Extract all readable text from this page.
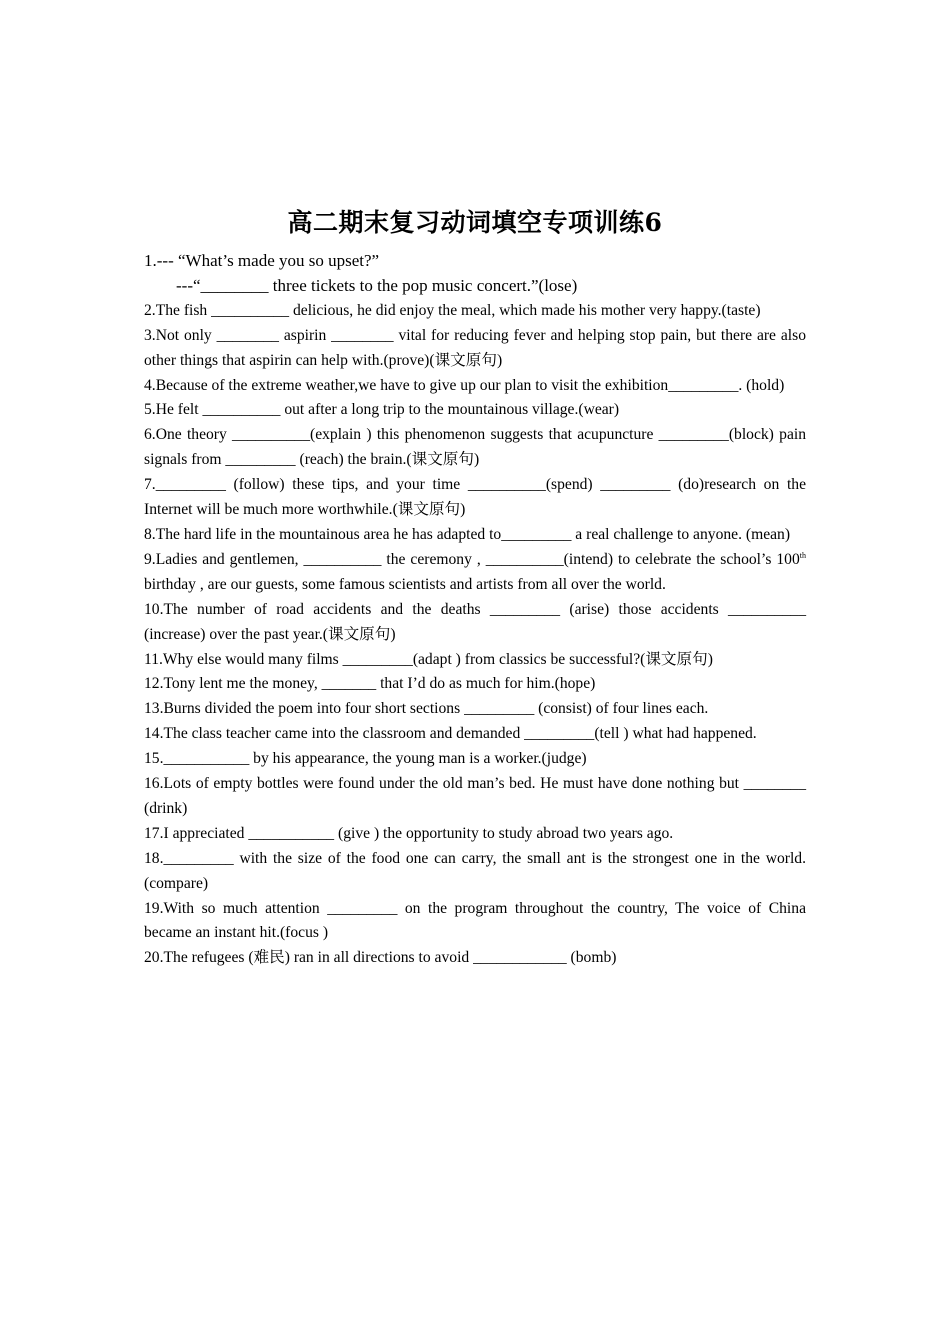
高二期末复习动词填空专项训练6

1.--- “What’s made you so upset?”

---“________ three tickets to the pop music concert.”(lose)

2.The fish __________ delicious, he did enjoy the meal, which made his mother very happy.(taste)

3.Not only ________ aspirin ________ vital for reducing fever and helping stop pain, but there are also other things that aspirin can help with.(prove)(课文原句)

4.Because of the extreme weather,we have to give up our plan to visit the exhibition_________. (hold)

5.He felt __________ out after a long trip to the mountainous village.(wear)

6.One theory __________(explain ) this phenomenon suggests that acupuncture _________(block) pain signals from _________ (reach) the brain.(课文原句)

7._________ (follow) these tips, and your time __________(spend) _________ (do)research on the Internet will be much more worthwhile.(课文原句)

8.The hard life in the mountainous area he has adapted to_________ a real challenge to anyone. (mean)

9.Ladies and gentlemen, __________ the ceremony , __________(intend) to celebrate the school’s 100th birthday , are our guests, some famous scientists and artists from all over the world.

10.The number of road accidents and the deaths _________ (arise) those accidents __________ (increase) over the past year.(课文原句)

11.Why else would many films _________(adapt ) from classics be successful?(课文原句)

12.Tony lent me the money, _______ that I’d do as much for him.(hope)

13.Burns divided the poem into four short sections _________ (consist) of four lines each.

14.The class teacher came into the classroom and demanded _________(tell ) what had happened.

15.___________ by his appearance, the young man is a worker.(judge)

16.Lots of empty bottles were found under the old man’s bed. He must have done nothing but ________ (drink)

17.I appreciated ___________ (give ) the opportunity to study abroad two years ago.

18._________ with the size of the food one can carry, the small ant is the strongest one in the world.(compare)

19.With so much attention _________ on the program throughout the country, The voice of China became an instant hit.(focus )

20.The refugees (难民) ran in all directions to avoid ____________ (bomb)
